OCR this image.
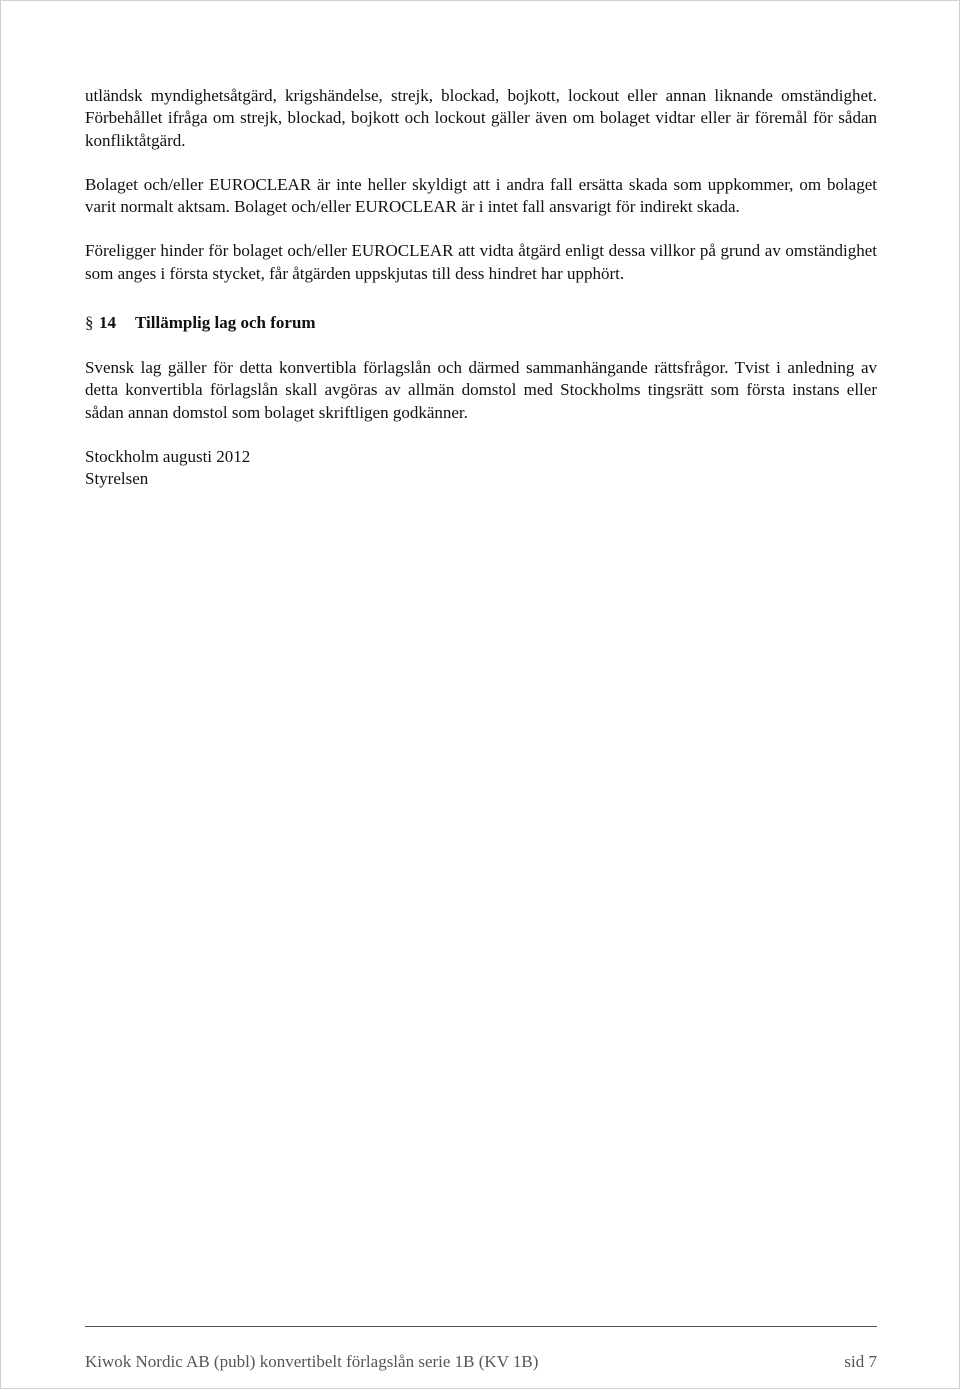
utländsk myndighetsåtgärd, krigshändelse, strejk, blockad, bojkott, lockout eller annan liknande omständighet. Förbehållet ifråga om strejk, blockad, bojkott och lockout gäller även om bolaget vidtar eller är föremål för sådan konfliktåtgärd.

Bolaget och/eller EUROCLEAR är inte heller skyldigt att i andra fall ersätta skada som uppkommer, om bolaget varit normalt aktsam. Bolaget och/eller EUROCLEAR är i intet fall ansvarigt för indirekt skada.

Föreligger hinder för bolaget och/eller EUROCLEAR att vidta åtgärd enligt dessa villkor på grund av omständighet som anges i första stycket, får åtgärden uppskjutas till dess hindret har upphört.

§ 14	Tillämplig lag och forum

Svensk lag gäller för detta konvertibla förlagslån och därmed sammanhängande rättsfrågor. Tvist i anledning av detta konvertibla förlagslån skall avgöras av allmän domstol med Stockholms tingsrätt som första instans eller sådan annan domstol som bolaget skriftligen godkänner.

Stockholm augusti 2012
Styrelsen
Kiwok Nordic AB (publ) konvertibelt förlagslån serie 1B (KV 1B)	sid 7
